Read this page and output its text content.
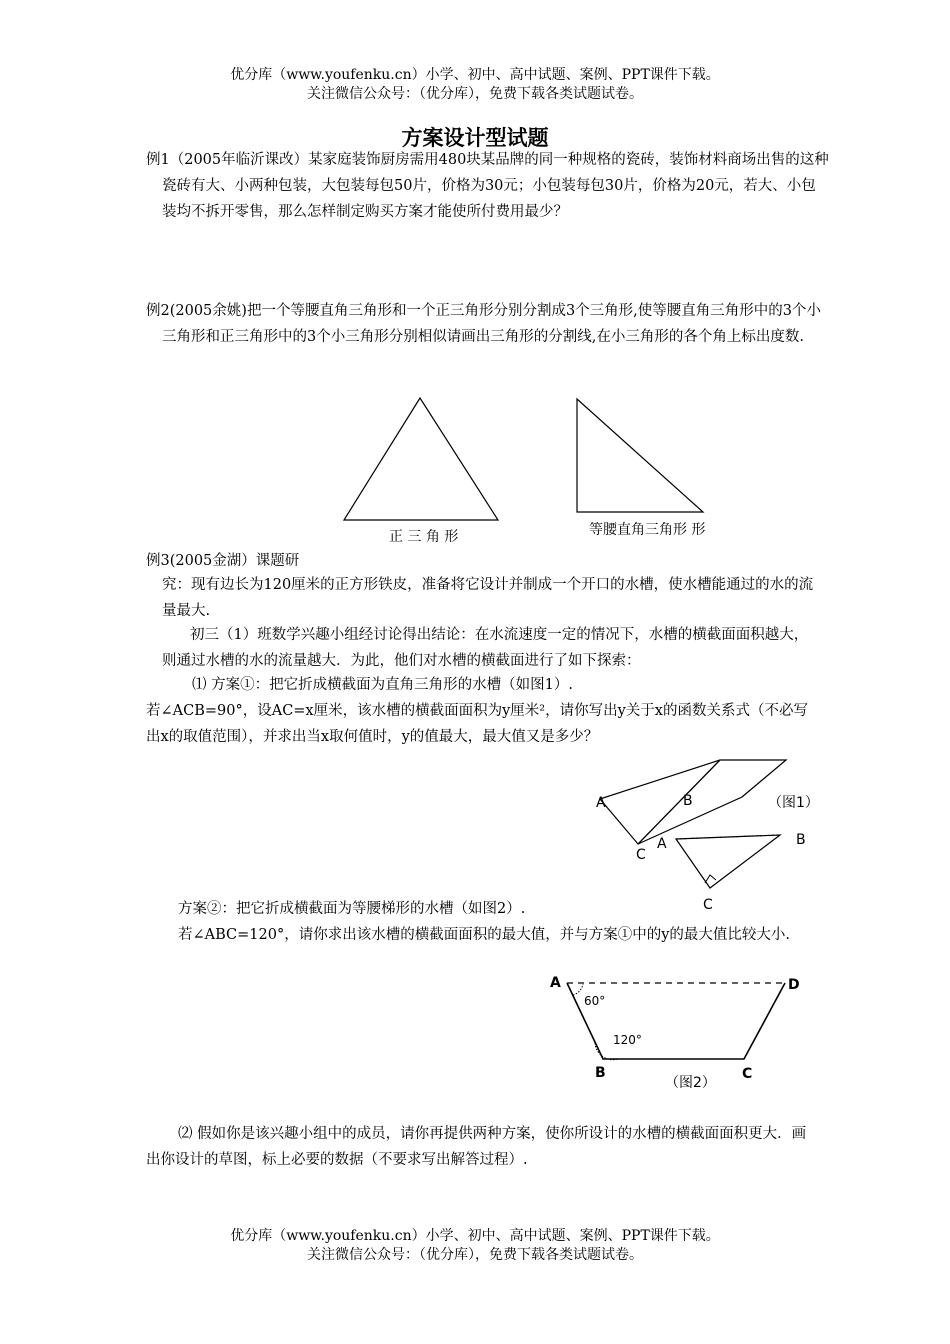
优分库（www.youfenku.cn）小学、初中、高中试题、案例、PPT课件下载。
关注微信公众号：（优分库），免费下载各类试题试卷。
方案设计型试题
例1（2005年临沂课改）某家庭装饰厨房需用480块某品牌的同一种规格的瓷砖，装饰材料商场出售的这种瓷砖有大、小两种包装，大包装每包50片，价格为30元；小包装每包30片，价格为20元，若大、小包装均不拆开零售，那么怎样制定购买方案才能使所付费用最少？
例2(2005余姚)把一个等腰直角三角形和一个正三角形分别分割成3个三角形,使等腰直角三角形中的3个小三角形和正三角形中的3个小三角形分别相似请画出三角形的分割线,在小三角形的各个角上标出度数.
正 三 角 形	等腰直角三角形 形
例3(2005金湖）课题研
究：现有边长为120厘米的正方形铁皮，准备将它设计并制成一个开口的水槽，使水槽能通过的水的流量最大.
初三（1）班数学兴趣小组经讨论得出结论：在水流速度一定的情况下，水槽的横截面面积越大，则通过水槽的水的流量越大．为此，他们对水槽的横截面进行了如下探索：
⑴ 方案①：把它折成横截面为直角三角形的水槽（如图1）.
若∠ACB=90°，设AC=x厘米，该水槽的横截面面积为y厘米²，请你写出y关于x的函数关系式（不必写出x的取值范围），并求出当x取何值时，y的值最大，最大值又是多少？
A	B
C
A	B
C
（图1）
方案②：把它折成横截面为等腰梯形的水槽（如图2）.
若∠ABC=120°，请你求出该水槽的横截面面积的最大值，并与方案①中的y的最大值比较大小.
A	D
B	C
60°
120°
（图2）
⑵ 假如你是该兴趣小组中的成员，请你再提供两种方案，使你所设计的水槽的横截面面积更大．画出你设计的草图，标上必要的数据（不要求写出解答过程）.
优分库（www.youfenku.cn）小学、初中、高中试题、案例、PPT课件下载。
关注微信公众号：（优分库），免费下载各类试题试卷。
